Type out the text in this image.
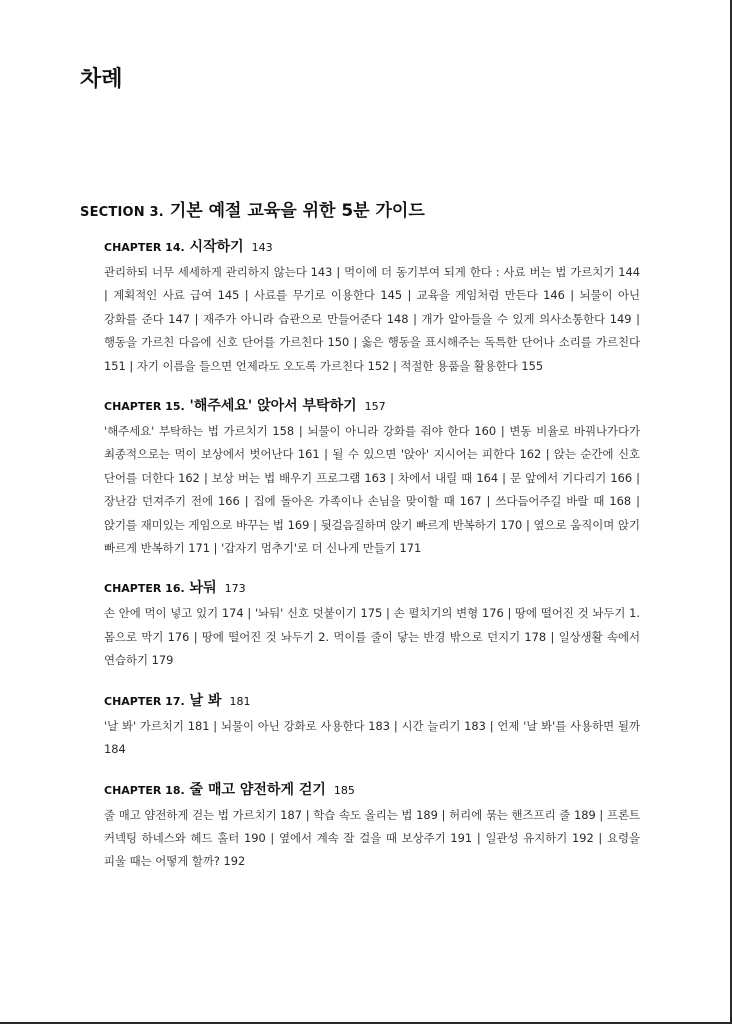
차례
SECTION 3. 기본 예절 교육을 위한 5분 가이드
CHAPTER 14. 시작하기 143

관리하되 너무 세세하게 관리하지 않는다 143 | 먹이에 더 동기부여 되게 한다 : 사료 버는 법 가르치기 144 | 계획적인 사료 급여 145 | 사료를 무기로 이용한다 145 | 교육을 게임처럼 만든다 146 | 뇌물이 아닌 강화를 준다 147 | 재주가 아니라 습관으로 만들어준다 148 | 개가 알아들을 수 있게 의사소통한다 149 | 행동을 가르친 다음에 신호 단어를 가르친다 150 | 옳은 행동을 표시해주는 독특한 단어나 소리를 가르친다 151 | 자기 이름을 들으면 언제라도 오도록 가르친다 152 | 적절한 용품을 활용한다 155

CHAPTER 15. '해주세요' 앉아서 부탁하기 157

'해주세요' 부탁하는 법 가르치기 158 | 뇌물이 아니라 강화를 줘야 한다 160 | 변동 비율로 바꿔나가다가 최종적으로는 먹이 보상에서 벗어난다 161 | 될 수 있으면 '앉아' 지시어는 피한다 162 | 앉는 순간에 신호 단어를 더한다 162 | 보상 버는 법 배우기 프로그램 163 | 차에서 내릴 때 164 | 문 앞에서 기다리기 166 | 장난감 던져주기 전에 166 | 집에 돌아온 가족이나 손님을 맞이할 때 167 | 쓰다듬어주길 바랄 때 168 | 앉기를 재미있는 게임으로 바꾸는 법 169 | 뒷걸음질하며 앉기 빠르게 반복하기 170 | 옆으로 움직이며 앉기 빠르게 반복하기 171 | '갑자기 멈추기'로 더 신나게 만들기 171

CHAPTER 16. 놔둬 173

손 안에 먹이 넣고 있기 174 | '놔둬' 신호 덧붙이기 175 | 손 펼치기의 변형 176 | 땅에 떨어진 것 놔두기 1. 몸으로 막기 176 | 땅에 떨어진 것 놔두기 2. 먹이를 줄이 닿는 반경 밖으로 던지기 178 | 일상생활 속에서 연습하기 179

CHAPTER 17. 날 봐 181

'날 봐' 가르치기 181 | 뇌물이 아닌 강화로 사용한다 183 | 시간 늘리기 183 | 언제 '날 봐'를 사용하면 될까 184

CHAPTER 18. 줄 매고 얌전하게 걷기 185

줄 매고 얌전하게 걷는 법 가르치기 187 | 학습 속도 올리는 법 189 | 허리에 묶는 핸즈프리 줄 189 | 프론트 커넥팅 하네스와 헤드 홀터 190 | 옆에서 계속 잘 걸을 때 보상주기 191 | 일관성 유지하기 192 | 요령을 피울 때는 어떻게 할까? 192
